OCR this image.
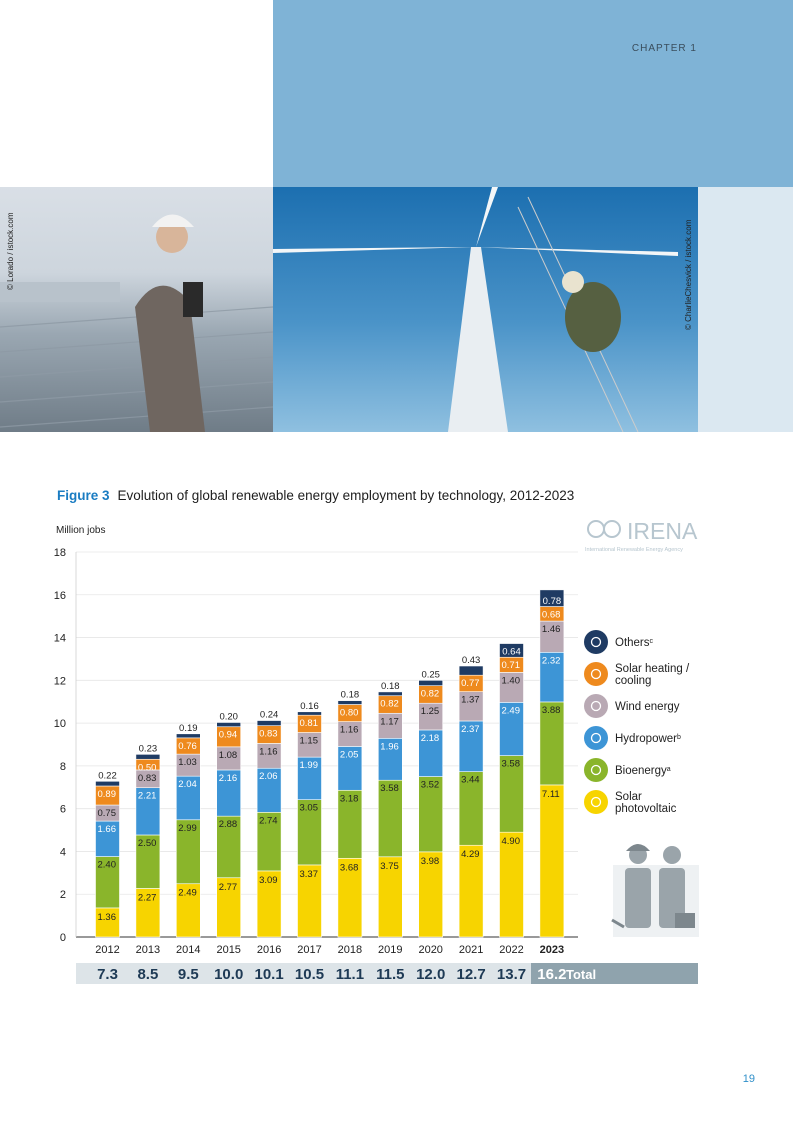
CHAPTER 1
© Lorado / istock.com	© CharlieChesvick / istock.com
Figure 3 Evolution of global renewable energy employment by technology, 2012-2023
Million jobs	IRENA
International Renewable Energy Agency
0
2
4
6
8
10
12
14
16
18
1.36
2.40
1.66
0.75
0.89
0.22
2.27
2.50
2.21
0.83
0.50
0.23
2.49
2.99
2.04
1.03
0.76
0.19
2.77
2.88
2.16
1.08
0.94
0.20
3.09
2.74
2.06
1.16
0.83
0.24
3.37
3.05
1.99
1.15
0.81
0.16
3.68
3.18
2.05
1.16
0.80
0.18
3.75
3.58
1.96
1.17
0.82
0.18
3.98
3.52
2.18
1.25
0.82
0.25
4.29
3.44
2.37
1.37
0.77
0.43
4.90
3.58
2.49
1.40
0.71
0.64
7.11
3.88
2.32
1.46
0.68
0.78
2012 2013 2014 2015 2016 2017 2018 2019 2020 2021 2022 2023
7.3 8.5 9.5 10.0 10.1 10.5 11.1 11.5 12.0 12.7 13.7 16.2 Total
Others$^c$
Solar heating /
cooling
Wind energy
Hydropower$^b$
Bioenergy$^a$
Solar
photovoltaic
19
